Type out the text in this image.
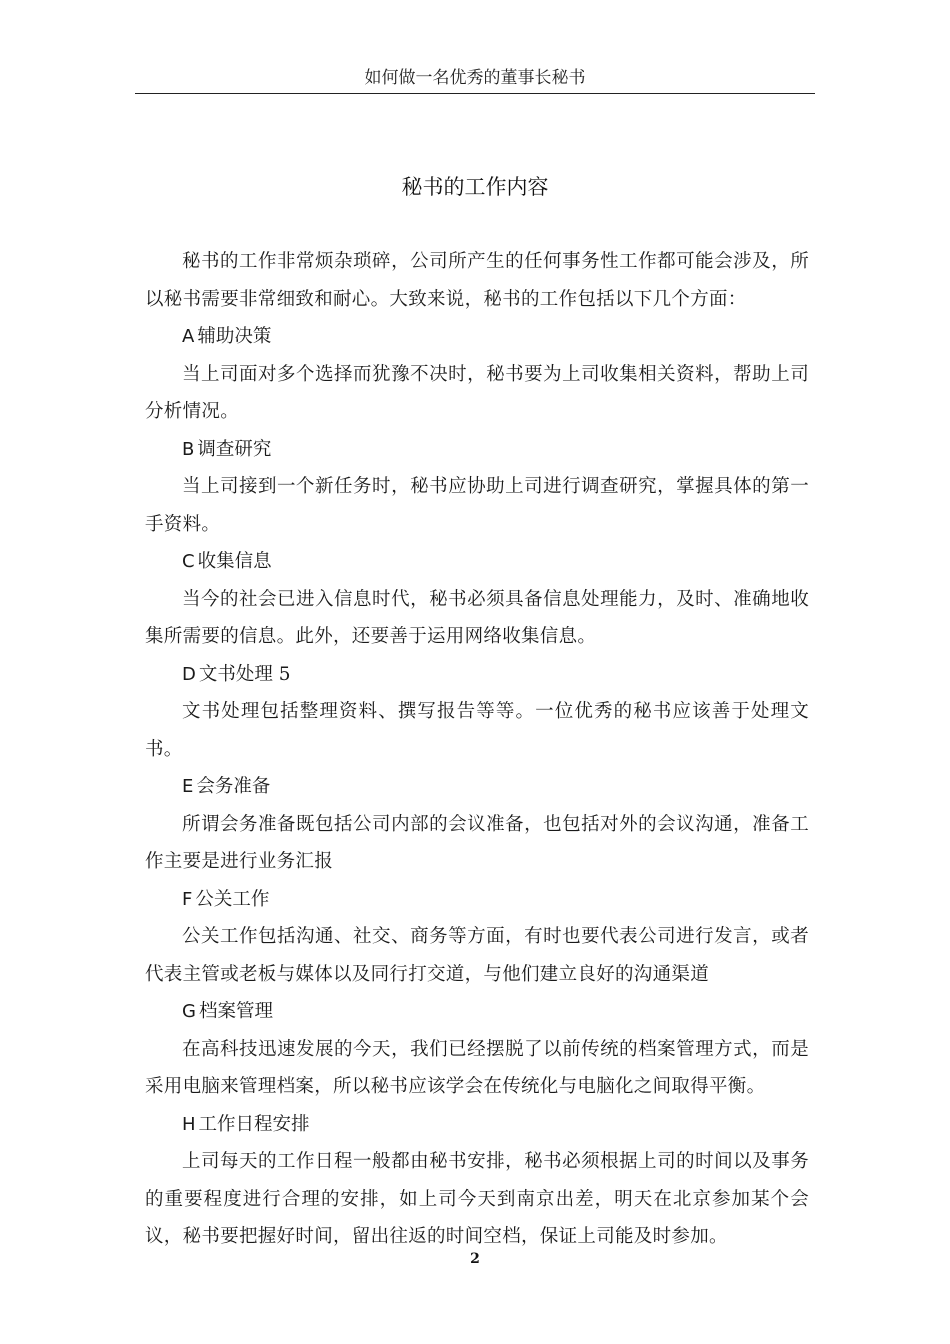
如何做一名优秀的董事长秘书
秘书的工作内容

秘书的工作非常烦杂琐碎，公司所产生的任何事务性工作都可能会涉及，所以秘书需要非常细致和耐心。大致来说，秘书的工作包括以下几个方面：

A 辅助决策

当上司面对多个选择而犹豫不决时，秘书要为上司收集相关资料，帮助上司分析情况。

B 调查研究

当上司接到一个新任务时，秘书应协助上司进行调查研究，掌握具体的第一手资料。

C 收集信息

当今的社会已进入信息时代，秘书必须具备信息处理能力，及时、准确地收集所需要的信息。此外，还要善于运用网络收集信息。

D 文书处理 5

文书处理包括整理资料、撰写报告等等。一位优秀的秘书应该善于处理文书。

E 会务准备

所谓会务准备既包括公司内部的会议准备，也包括对外的会议沟通，准备工作主要是进行业务汇报

F 公关工作

公关工作包括沟通、社交、商务等方面，有时也要代表公司进行发言，或者代表主管或老板与媒体以及同行打交道，与他们建立良好的沟通渠道

G 档案管理

在高科技迅速发展的今天，我们已经摆脱了以前传统的档案管理方式，而是采用电脑来管理档案，所以秘书应该学会在传统化与电脑化之间取得平衡。

H 工作日程安排

上司每天的工作日程一般都由秘书安排，秘书必须根据上司的时间以及事务的重要程度进行合理的安排，如上司今天到南京出差，明天在北京参加某个会议，秘书要把握好时间，留出往返的时间空档，保证上司能及时参加。

2
